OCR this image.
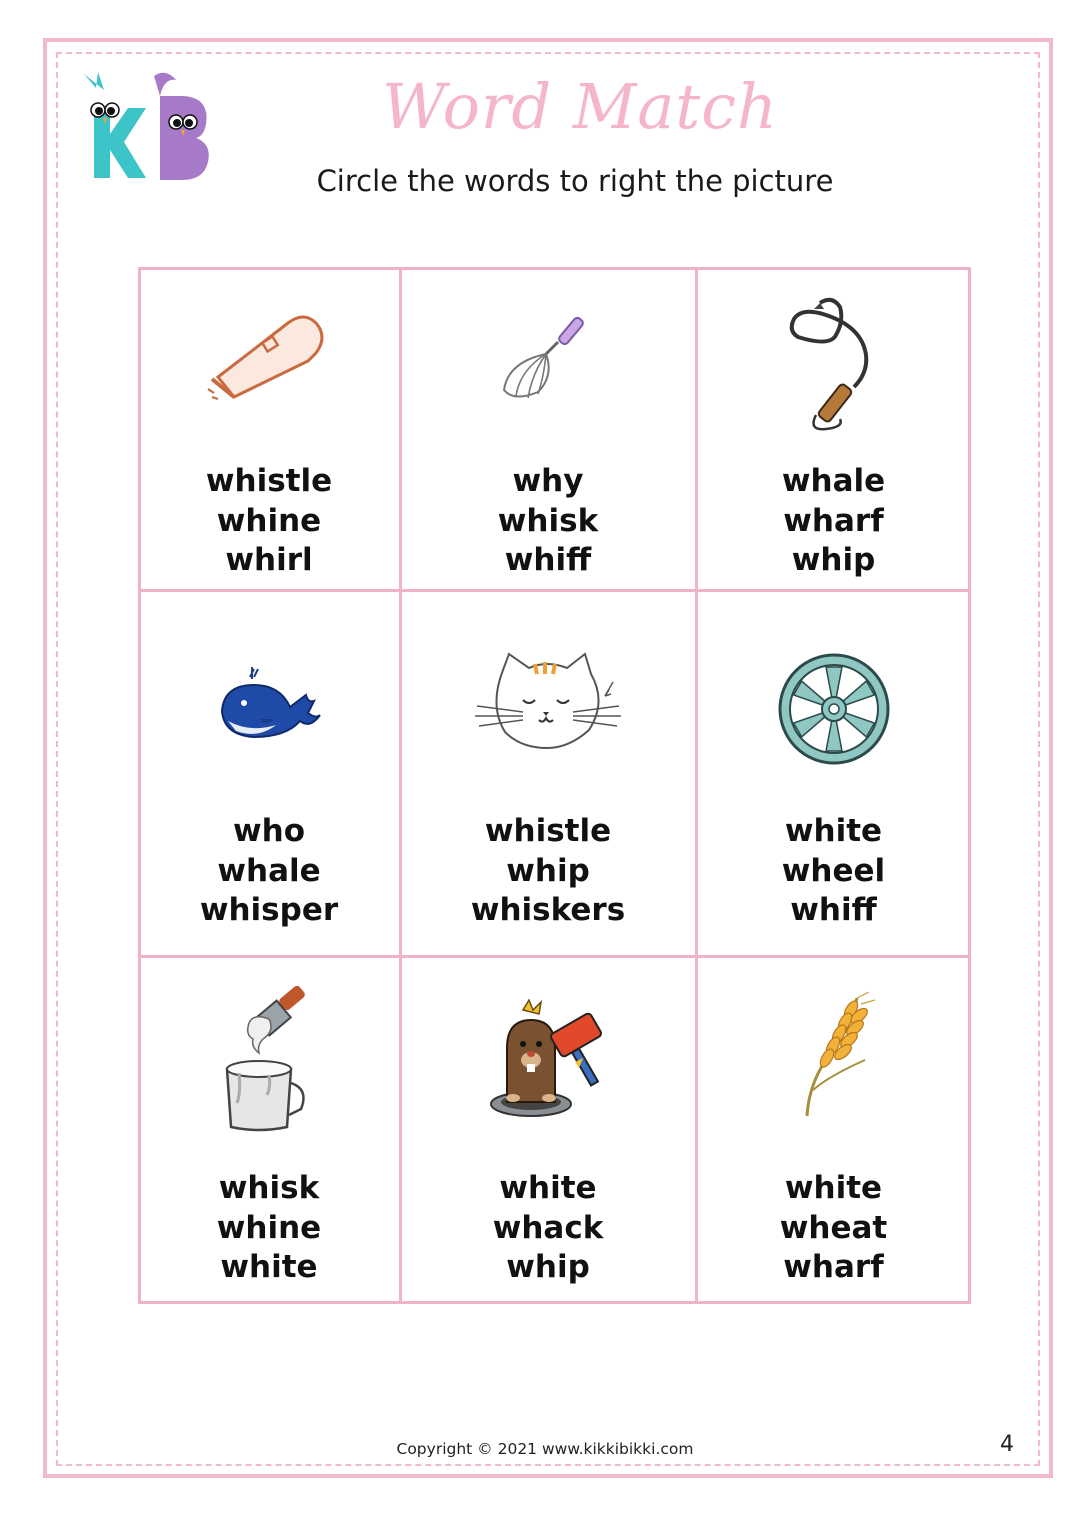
Word Match
Circle the words to right the picture
whistle
whine
whirl
why
whisk
whiff
whale
wharf
whip
who
whale
whisper
whistle
whip
whiskers
white
wheel
whiff
whisk
whine
white
white
whack
whip
white
wheat
wharf
Copyright © 2021 www.kikkibikki.com	4
